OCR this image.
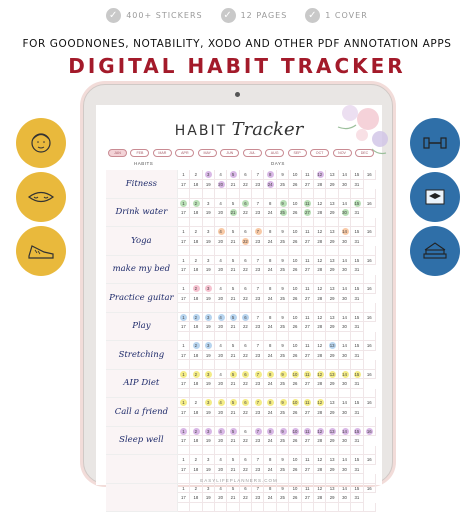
✓ 400+ STICKERS ✓ 12 PAGES ✓ 1 COVER
FOR GOODNONES, NOTABILITY, XODO AND OTHER PDF ANNOTATION APPS
DIGITAL HABIT TRACKER
HABIT Tracker
JAN	FEB	MAR	APR	MAY	JUN	JUL	AUG	SEP	OCT	NOV	DEC
HABITS	DAYS
Fitness
1	2	3	4	5	6	7	8	9	10	11	12	13	14	15	16
17	18	19	20	21	22	23	24	25	26	27	28	29	30	31
Drink water
1	2	3	4	5	6	7	8	9	10	11	12	13	14	15	16
17	18	19	20	21	22	23	24	25	26	27	28	29	30	31
Yoga
1	2	3	4	5	6	7	8	9	10	11	12	13	14	15	16
17	18	19	20	21	22	23	24	25	26	27	28	29	30	31
make my bed
1	2	3	4	5	6	7	8	9	10	11	12	13	14	15	16
17	18	19	20	21	22	23	24	25	26	27	28	29	30	31
Practice guitar
1	2	3	4	5	6	7	8	9	10	11	12	13	14	15	16
17	18	19	20	21	22	23	24	25	26	27	28	29	30	31
Play
1	2	3	4	5	6	7	8	9	10	11	12	13	14	15	16
17	18	19	20	21	22	23	24	25	26	27	28	29	30	31
Stretching
1	2	3	4	5	6	7	8	9	10	11	12	13	14	15	16
17	18	19	20	21	22	23	24	25	26	27	28	29	30	31
AIP Diet
1	2	3	4	5	6	7	8	9	10	11	12	13	14	15	16
17	18	19	20	21	22	23	24	25	26	27	28	29	30	31
Call a friend
1	2	3	4	5	6	7	8	9	10	11	12	13	14	15	16
17	18	19	20	21	22	23	24	25	26	27	28	29	30	31
Sleep well
1	2	3	4	5	6	7	8	9	10	11	12	13	14	15	16
17	18	19	20	21	22	23	24	25	26	27	28	29	30	31
1	2	3	4	5	6	7	8	9	10	11	12	13	14	15	16
17	18	19	20	21	22	23	24	25	26	27	28	29	30	31
1	2	3	4	5	6	7	8	9	10	11	12	13	14	15	16
17	18	19	20	21	22	23	24	25	26	27	28	29	30	31
EASYLIFEPLANNERS.COM
